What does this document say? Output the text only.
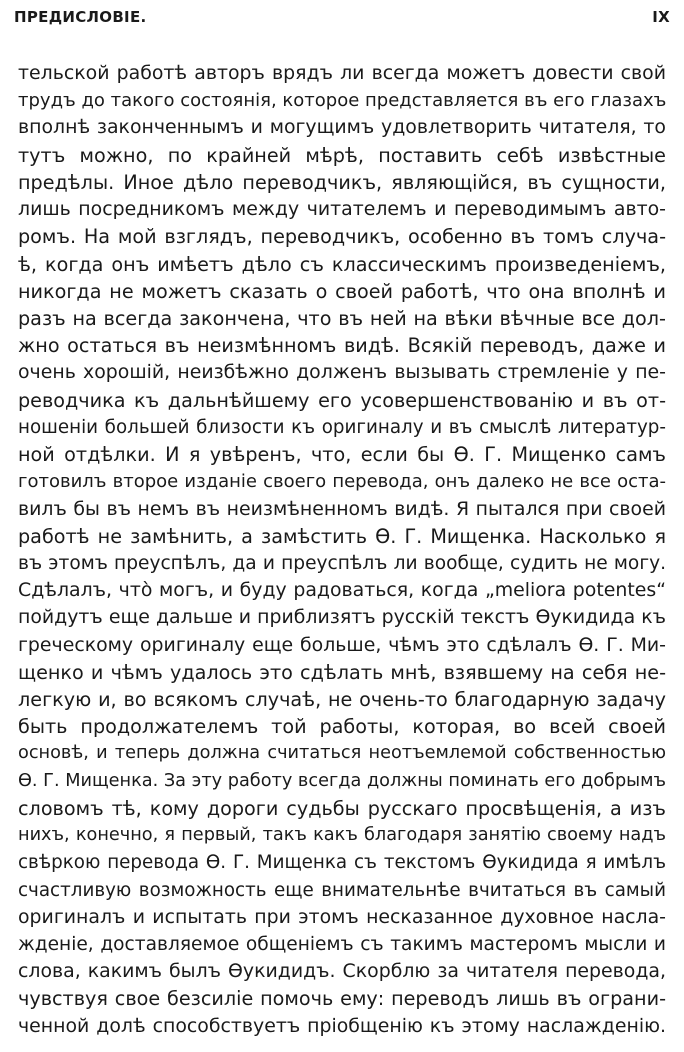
ПРЕДИСЛОВІЕ.	IX
тельской работѣ авторъ врядъ ли всегда можетъ довести свой
трудъ до такого состоянія, которое представляется въ его глазахъ
вполнѣ законченнымъ и могущимъ удовлетворить читателя, то
тутъ можно, по крайней мѣрѣ, поставить себѣ извѣстные
предѣлы. Иное дѣло переводчикъ, являющійся, въ сущности,
лишь посредникомъ между читателемъ и переводимымъ авто-
ромъ. На мой взглядъ, переводчикъ, особенно въ томъ случа-
ѣ, когда онъ имѣетъ дѣло съ классическимъ произведеніемъ,
никогда не можетъ сказать о своей работѣ, что она вполнѣ и
разъ на всегда закончена, что въ ней на вѣки вѣчные все дол-
жно остаться въ неизмѣнномъ видѣ. Всякій переводъ, даже и
очень хорошій, неизбѣжно долженъ вызывать стремленіе у пе-
реводчика къ дальнѣйшему его усовершенствованію и въ от-
ношеніи большей близости къ оригиналу и въ смыслѣ литератур-
ной отдѣлки. И я увѣренъ, что, если бы Ѳ. Г. Мищенко самъ
готовилъ второе изданіе своего перевода, онъ далеко не все оста-
вилъ бы въ немъ въ неизмѣненномъ видѣ. Я пытался при своей
работѣ не замѣнить, а замѣстить Ѳ. Г. Мищенка. Насколько я
въ этомъ преуспѣлъ, да и преуспѣлъ ли вообще, судить не могу.
Сдѣлалъ, что̀ могъ, и буду радоваться, когда „meliora potentes“
пойдутъ еще дальше и приблизятъ русскій текстъ Ѳукидида къ
греческому оригиналу еще больше, чѣмъ это сдѣлалъ Ѳ. Г. Ми-
щенко и чѣмъ удалось это сдѣлать мнѣ, взявшему на себя не-
легкую и, во всякомъ случаѣ, не очень-то благодарную задачу
быть продолжателемъ той работы, которая, во всей своей
основѣ, и теперь должна считаться неотъемлемой собственностью
Ѳ. Г. Мищенка. За эту работу всегда должны поминать его добрымъ
словомъ тѣ, кому дороги судьбы русскаго просвѣщенія, а изъ
нихъ, конечно, я первый, такъ какъ благодаря занятію своему надъ
свѣркою перевода Ѳ. Г. Мищенка съ текстомъ Ѳукидида я имѣлъ
счастливую возможность еще внимательнѣе вчитаться въ самый
оригиналъ и испытать при этомъ несказанное духовное насла-
жденіе, доставляемое общеніемъ съ такимъ мастеромъ мысли и
слова, какимъ былъ Ѳукидидъ. Скорблю за читателя перевода,
чувствуя свое безсиліе помочь ему: переводъ лишь въ ограни-
ченной долѣ способствуетъ пріобщенію къ этому наслажденію.
